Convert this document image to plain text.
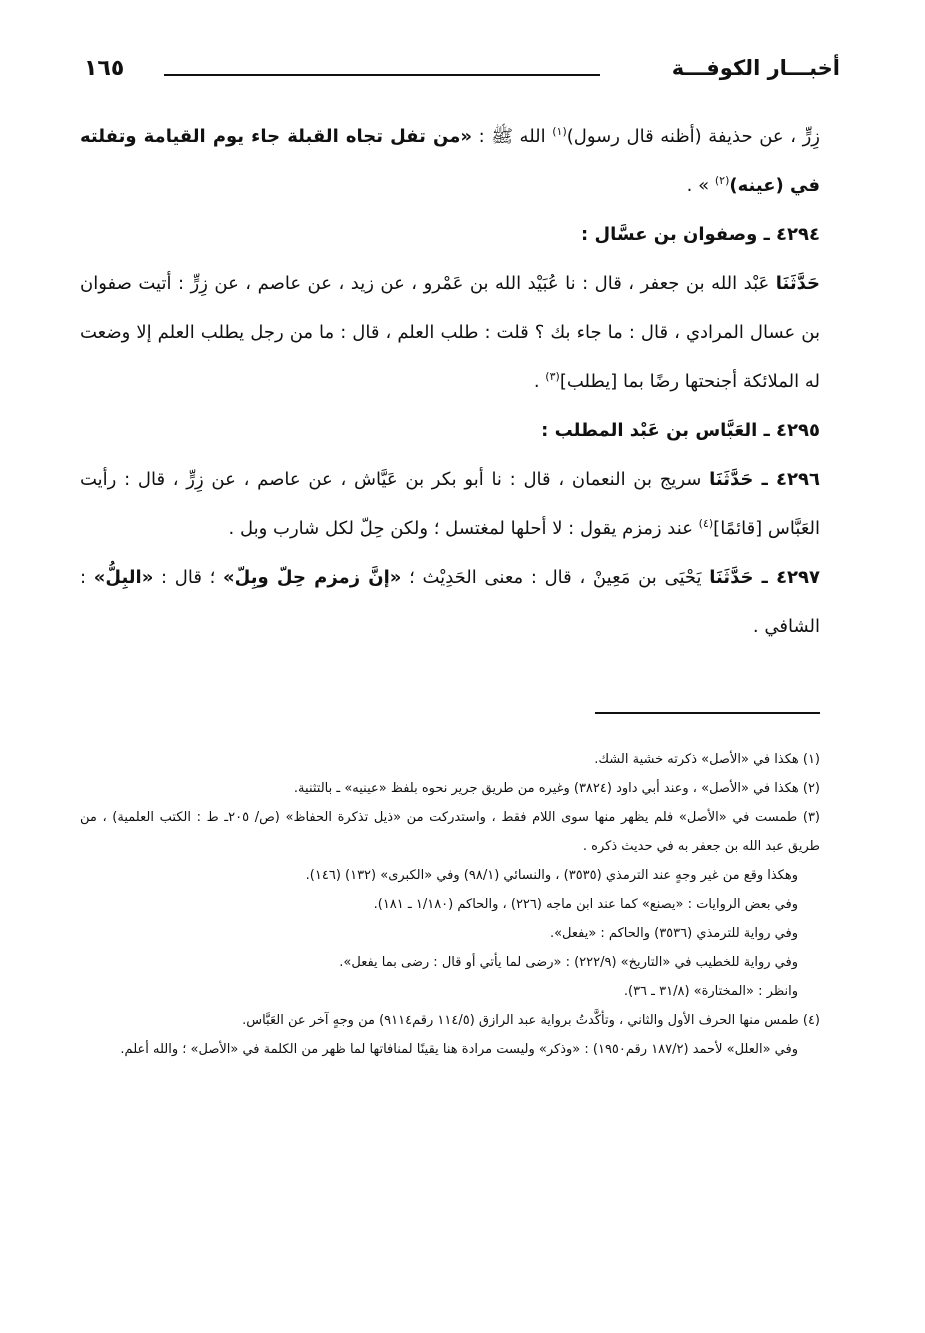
أخبـــار الكوفـــة
١٦٥

زِرٍّ ، عن حذيفة (أظنه قال رسول)$^{(١)}$ الله ﷺ : «من تفل تجاه القبلة جاء يوم القيامة وتفلته في (عينه)$^{(٢)}$ » .

٤٢٩٤ ـ وصفوان بن عسَّال :

حَدَّثَنَا عَبْد الله بن جعفر ، قال : نا عُبَيْد الله بن عَمْرو ، عن زيد ، عن عاصم ، عن زِرٍّ : أتيت صفوان بن عسال المرادي ، قال : ما جاء بك ؟ قلت : طلب العلم ، قال : ما من رجل يطلب العلم إلا وضعت له الملائكة أجنحتها رضًا بما [يطلب]$^{(٣)}$ .

٤٢٩٥ ـ العَبَّاس بن عَبْد المطلب :

٤٢٩٦ ـ حَدَّثَنَا سريج بن النعمان ، قال : نا أبو بكر بن عَيَّاش ، عن عاصم ، عن زِرٍّ ، قال : رأيت العَبَّاس [قائمًا]$^{(٤)}$ عند زمزم يقول : لا أحلها لمغتسل ؛ ولكن حِلّ لكل شارب وبل .

٤٢٩٧ ـ حَدَّثَنَا يَحْيَى بن مَعِينْ ، قال : معنى الحَدِيْث ؛ «إنَّ زمزم حِلّ وبِلّ» ؛ قال : «البِلُّ» : الشافي .

(١) هكذا في «الأصل» ذكرته خشية الشك.

(٢) هكذا في «الأصل» ، وعند أبي داود (٣٨٢٤) وغيره من طريق جرير نحوه بلفظ «عينيه» ـ بالتثنية.

(٣) طمست في «الأصل» فلم يظهر منها سوى اللام فقط ، واستدركت من «ذيل تذكرة الحفاظ» (ص/ ٢٠٥ـ ط : الكتب العلمية) ، من طريق عبد الله بن جعفر به في حديث ذكره .

وهكذا وقع من غير وجهٍ عند الترمذي (٣٥٣٥) ، والنسائي (٩٨/١) وفي «الكبرى» (١٣٢) (١٤٦).

وفي بعض الروايات : «يصنع» كما عند ابن ماجه (٢٢٦) ، والحاكم (١/١٨٠ ـ ١٨١).

وفي رواية للترمذي (٣٥٣٦) والحاكم : «يفعل».

وفي رواية للخطيب في «التاريخ» (٢٢٢/٩) : «رضى لما يأتي أو قال : رضى بما يفعل».

وانظر : «المختارة» (٣١/٨ ـ ٣٦).

(٤) طمس منها الحرف الأول والثاني ، وتأكَّدتُ برواية عبد الرازق (١١٤/٥ رقم٩١١٤) من وجهٍ آخر عن العَبَّاس.

وفي «العلل» لأحمد (١٨٧/٢ رقم١٩٥٠) : «وذكر» وليست مرادة هنا يقينًا لمنافاتها لما ظهر من الكلمة في «الأصل» ؛ والله أعلم.
